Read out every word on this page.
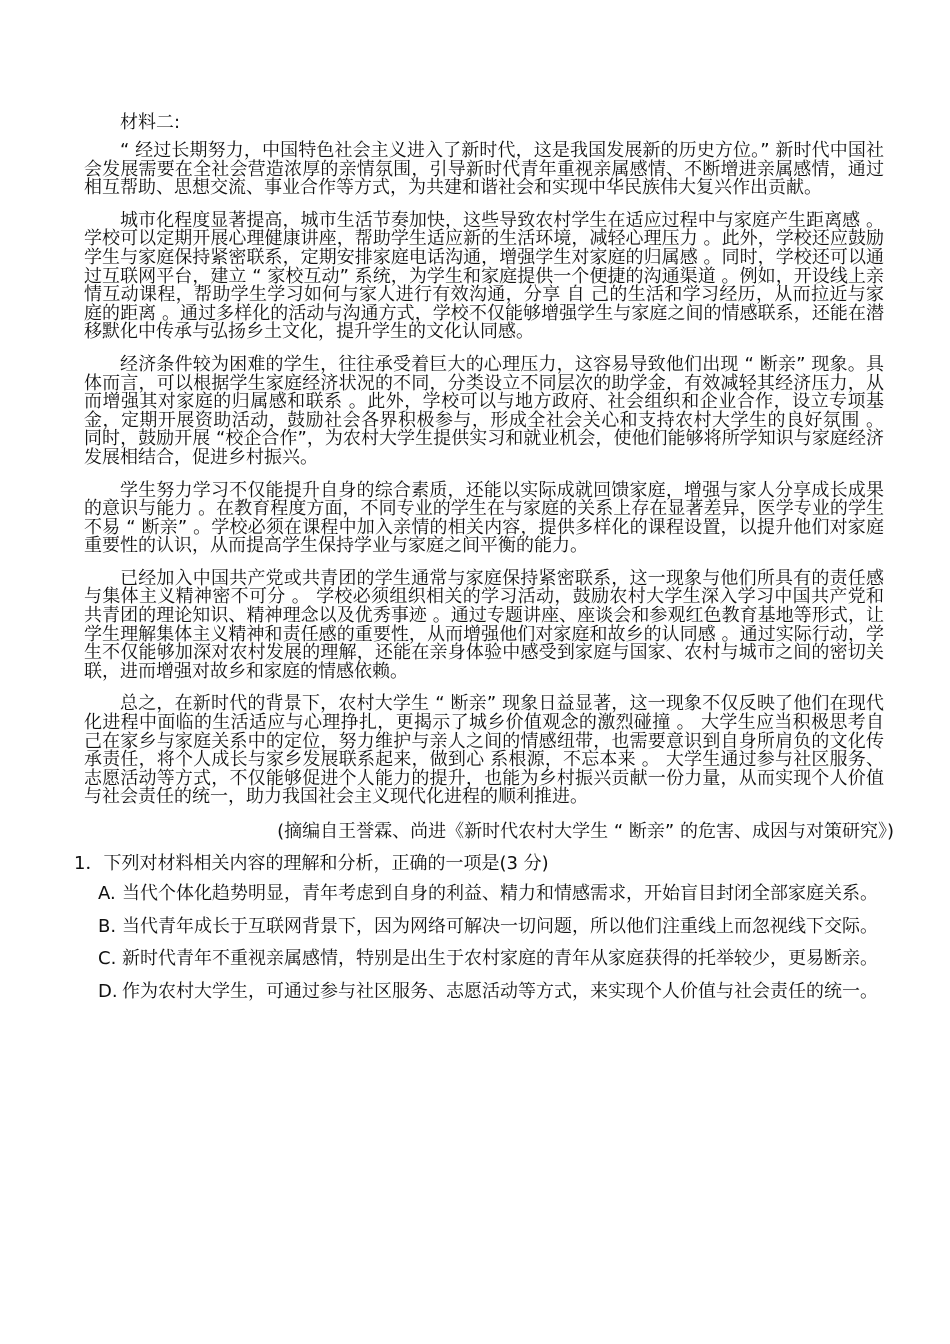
材料二:

“ 经过长期努力，中国特色社会主义进入了新时代，这是我国发展新的历史方位。” 新时代中国社会发展需要在全社会营造浓厚的亲情氛围，引导新时代青年重视亲属感情、不断增进亲属感情，通过相互帮助、思想交流、事业合作等方式，为共建和谐社会和实现中华民族伟大复兴作出贡献。

城市化程度显著提高，城市生活节奏加快，这些导致农村学生在适应过程中与家庭产生距离感 。学校可以定期开展心理健康讲座，帮助学生适应新的生活环境，减轻心理压力 。此外，学校还应鼓励学生与家庭保持紧密联系，定期安排家庭电话沟通，增强学生对家庭的归属感 。同时，学校还可以通过互联网平台，建立 “ 家校互动” 系统，为学生和家庭提供一个便捷的沟通渠道 。例如，开设线上亲情互动课程，帮助学生学习如何与家人进行有效沟通，分享 自 己的生活和学习经历，从而拉近与家庭的距离 。通过多样化的活动与沟通方式，学校不仅能够增强学生与家庭之间的情感联系，还能在潜移默化中传承与弘扬乡土文化，提升学生的文化认同感。

经济条件较为困难的学生，往往承受着巨大的心理压力，这容易导致他们出现 “ 断亲” 现象。具体而言，可以根据学生家庭经济状况的不同，分类设立不同层次的助学金，有效减轻其经济压力，从而增强其对家庭的归属感和联系 。此外，学校可以与地方政府、社会组织和企业合作，设立专项基金，定期开展资助活动，鼓励社会各界积极参与，形成全社会关心和支持农村大学生的良好氛围 。 同时，鼓励开展 “校企合作”，为农村大学生提供实习和就业机会，使他们能够将所学知识与家庭经济发展相结合，促进乡村振兴。

学生努力学习不仅能提升自身的综合素质，还能以实际成就回馈家庭，增强与家人分享成长成果的意识与能力 。在教育程度方面，不同专业的学生在与家庭的关系上存在显著差异，医学专业的学生不易 “ 断亲” 。学校必须在课程中加入亲情的相关内容，提供多样化的课程设置，以提升他们对家庭重要性的认识，从而提高学生保持学业与家庭之间平衡的能力。

已经加入中国共产党或共青团的学生通常与家庭保持紧密联系，这一现象与他们所具有的责任感与集体主义精神密不可分 。 学校必须组织相关的学习活动，鼓励农村大学生深入学习中国共产党和共青团的理论知识、精神理念以及优秀事迹 。通过专题讲座、座谈会和参观红色教育基地等形式，让学生理解集体主义精神和责任感的重要性，从而增强他们对家庭和故乡的认同感 。通过实际行动，学生不仅能够加深对农村发展的理解，还能在亲身体验中感受到家庭与国家、农村与城市之间的密切关联，进而增强对故乡和家庭的情感依赖。

总之，在新时代的背景下，农村大学生 “ 断亲” 现象日益显著，这一现象不仅反映了他们在现代化进程中面临的生活适应与心理挣扎，更揭示了城乡价值观念的激烈碰撞 。 大学生应当积极思考自己在家乡与家庭关系中的定位，努力维护与亲人之间的情感纽带，也需要意识到自身所肩负的文化传承责任，将个人成长与家乡发展联系起来，做到心 系根源，不忘本来 。 大学生通过参与社区服务、志愿活动等方式，不仅能够促进个人能力的提升，也能为乡村振兴贡献一份力量，从而实现个人价值与社会责任的统一，助力我国社会主义现代化进程的顺利推进。

(摘编自王誉霖、尚进《新时代农村大学生 “ 断亲” 的危害、成因与对策研究》)
1．下列对材料相关内容的理解和分析，正确的一项是(3 分)
A. 当代个体化趋势明显，青年考虑到自身的利益、精力和情感需求，开始盲目封闭全部家庭关系。
B. 当代青年成长于互联网背景下，因为网络可解决一切问题，所以他们注重线上而忽视线下交际。
C. 新时代青年不重视亲属感情，特别是出生于农村家庭的青年从家庭获得的托举较少，更易断亲。
D. 作为农村大学生，可通过参与社区服务、志愿活动等方式，来实现个人价值与社会责任的统一。
